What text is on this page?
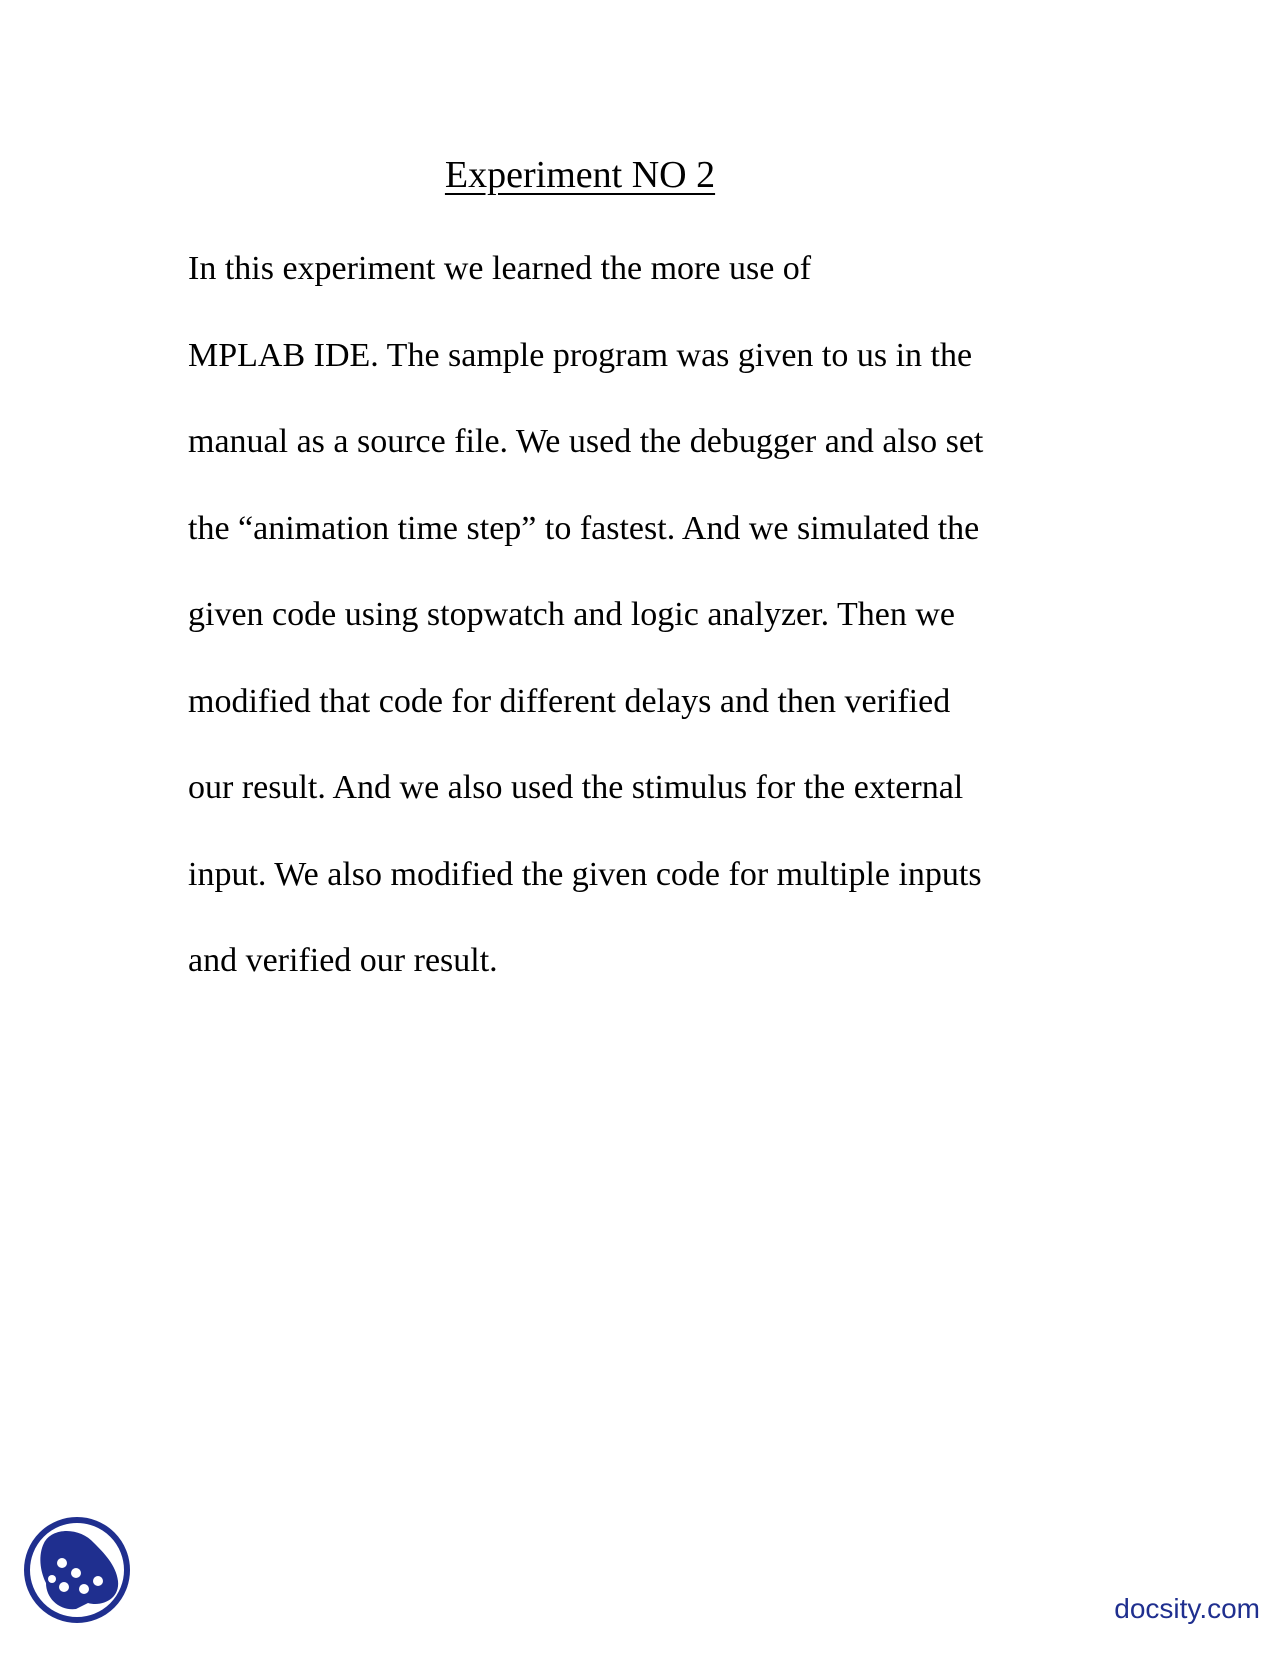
Experiment NO 2
In this experiment we learned the more use of
MPLAB IDE. The sample program was given to us in the
manual as a source file. We used the debugger and also set
the “animation time step” to fastest. And we simulated the
given code using stopwatch and logic analyzer. Then we
modified that code for different delays and then verified
our result. And we also used the stimulus for the external
input. We also modified the given code for multiple inputs
and verified our result.
docsity.com
